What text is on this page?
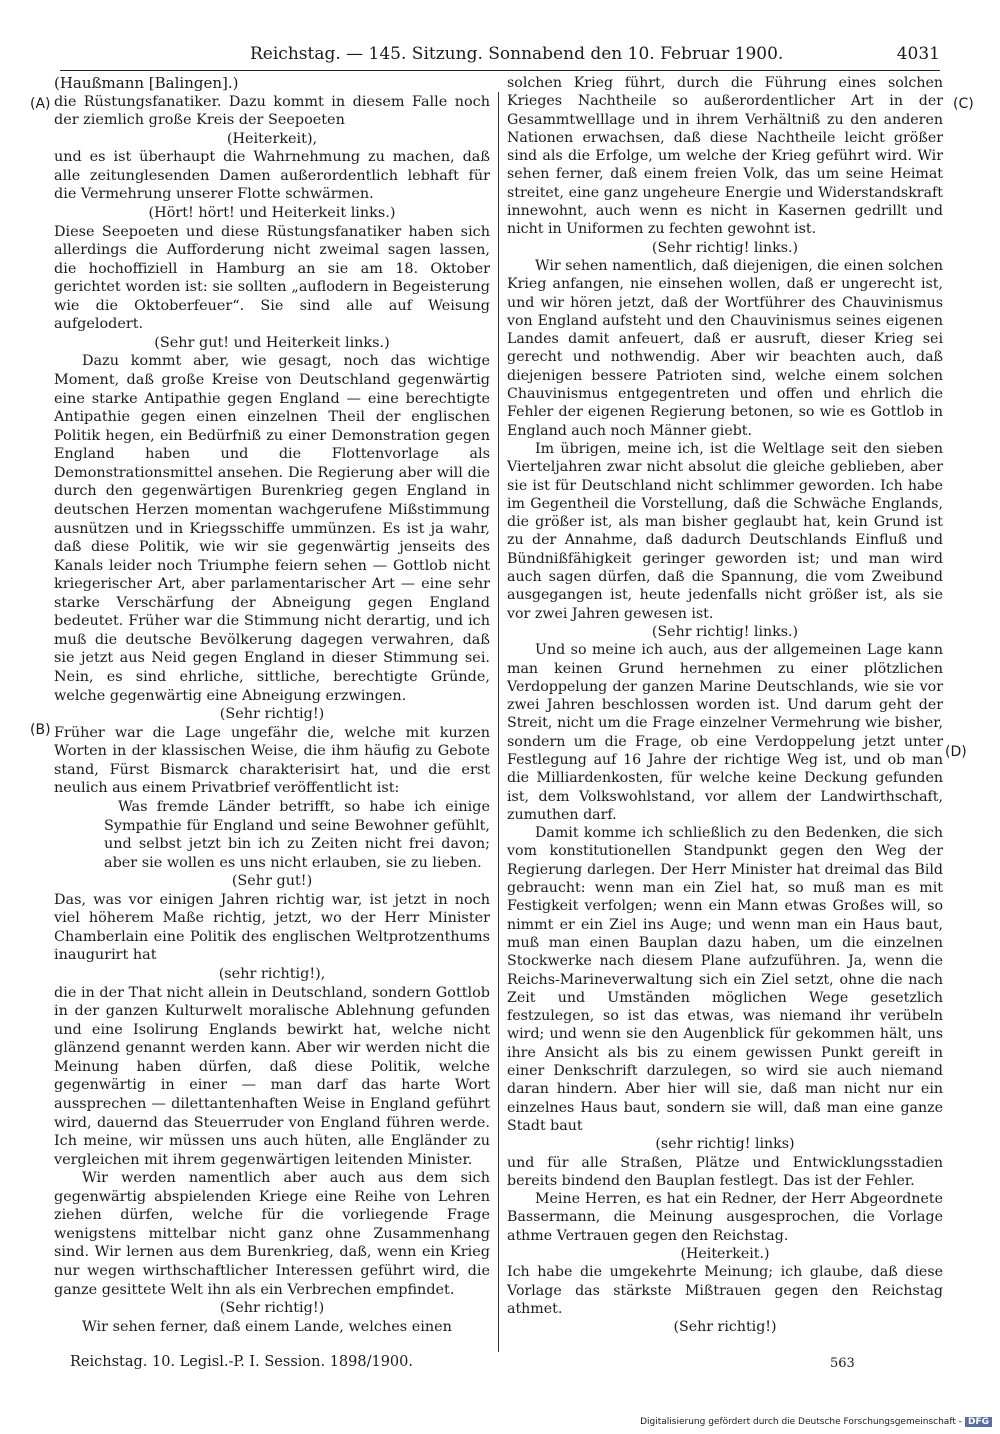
Reichstag. — 145. Sitzung. Sonnabend den 10. Februar 1900.	4031
(A)
(B)
(C)
(D)

(Haußmann [Balingen].)

die Rüstungsfanatiker. Dazu kommt in diesem Falle noch der ziemlich große Kreis der Seepoeten

(Heiterkeit),

und es ist überhaupt die Wahrnehmung zu machen, daß alle zeitunglesenden Damen außerordentlich lebhaft für die Vermehrung unserer Flotte schwärmen.

(Hört! hört! und Heiterkeit links.)

Diese Seepoeten und diese Rüstungsfanatiker haben sich allerdings die Aufforderung nicht zweimal sagen lassen, die hochoffiziell in Hamburg an sie am 18. Oktober gerichtet worden ist: sie sollten „auflodern in Begeisterung wie die Oktoberfeuer“. Sie sind alle auf Weisung aufgelodert.

(Sehr gut! und Heiterkeit links.)

Dazu kommt aber, wie gesagt, noch das wichtige Moment, daß große Kreise von Deutschland gegenwärtig eine starke Antipathie gegen England — eine berechtigte Antipathie gegen einen einzelnen Theil der englischen Politik hegen, ein Bedürfniß zu einer Demonstration gegen England haben und die Flottenvorlage als Demonstrationsmittel ansehen. Die Regierung aber will die durch den gegenwärtigen Burenkrieg gegen England in deutschen Herzen momentan wachgerufene Mißstimmung ausnützen und in Kriegsschiffe ummünzen. Es ist ja wahr, daß diese Politik, wie wir sie gegenwärtig jenseits des Kanals leider noch Triumphe feiern sehen — Gottlob nicht kriegerischer Art, aber parlamentarischer Art — eine sehr starke Verschärfung der Abneigung gegen England bedeutet. Früher war die Stimmung nicht derartig, und ich muß die deutsche Bevölkerung dagegen verwahren, daß sie jetzt aus Neid gegen England in dieser Stimmung sei. Nein, es sind ehrliche, sittliche, berechtigte Gründe, welche gegenwärtig eine Abneigung erzwingen.

(Sehr richtig!)

Früher war die Lage ungefähr die, welche mit kurzen Worten in der klassischen Weise, die ihm häufig zu Gebote stand, Fürst Bismarck charakterisirt hat, und die erst neulich aus einem Privatbrief veröffentlicht ist:

Was fremde Länder betrifft, so habe ich einige Sympathie für England und seine Bewohner gefühlt, und selbst jetzt bin ich zu Zeiten nicht frei davon; aber sie wollen es uns nicht erlauben, sie zu lieben.

(Sehr gut!)

Das, was vor einigen Jahren richtig war, ist jetzt in noch viel höherem Maße richtig, jetzt, wo der Herr Minister Chamberlain eine Politik des englischen Weltprotzenthums inaugurirt hat

(sehr richtig!),

die in der That nicht allein in Deutschland, sondern Gottlob in der ganzen Kulturwelt moralische Ablehnung gefunden und eine Isolirung Englands bewirkt hat, welche nicht glänzend genannt werden kann. Aber wir werden nicht die Meinung haben dürfen, daß diese Politik, welche gegenwärtig in einer — man darf das harte Wort aussprechen — dilettantenhaften Weise in England geführt wird, dauernd das Steuerruder von England führen werde. Ich meine, wir müssen uns auch hüten, alle Engländer zu vergleichen mit ihrem gegenwärtigen leitenden Minister.

Wir werden namentlich aber auch aus dem sich gegenwärtig abspielenden Kriege eine Reihe von Lehren ziehen dürfen, welche für die vorliegende Frage wenigstens mittelbar nicht ganz ohne Zusammenhang sind. Wir lernen aus dem Burenkrieg, daß, wenn ein Krieg nur wegen wirthschaftlicher Interessen geführt wird, die ganze gesittete Welt ihn als ein Verbrechen empfindet.

(Sehr richtig!)

Wir sehen ferner, daß einem Lande, welches einen

solchen Krieg führt, durch die Führung eines solchen Krieges Nachtheile so außerordentlicher Art in der Gesammtwelllage und in ihrem Verhältniß zu den anderen Nationen erwachsen, daß diese Nachtheile leicht größer sind als die Erfolge, um welche der Krieg geführt wird. Wir sehen ferner, daß einem freien Volk, das um seine Heimat streitet, eine ganz ungeheure Energie und Widerstandskraft innewohnt, auch wenn es nicht in Kasernen gedrillt und nicht in Uniformen zu fechten gewohnt ist.

(Sehr richtig! links.)

Wir sehen namentlich, daß diejenigen, die einen solchen Krieg anfangen, nie einsehen wollen, daß er ungerecht ist, und wir hören jetzt, daß der Wortführer des Chauvinismus von England aufsteht und den Chauvinismus seines eigenen Landes damit anfeuert, daß er ausruft, dieser Krieg sei gerecht und nothwendig. Aber wir beachten auch, daß diejenigen bessere Patrioten sind, welche einem solchen Chauvinismus entgegentreten und offen und ehrlich die Fehler der eigenen Regierung betonen, so wie es Gottlob in England auch noch Männer giebt.

Im übrigen, meine ich, ist die Weltlage seit den sieben Vierteljahren zwar nicht absolut die gleiche geblieben, aber sie ist für Deutschland nicht schlimmer geworden. Ich habe im Gegentheil die Vorstellung, daß die Schwäche Englands, die größer ist, als man bisher geglaubt hat, kein Grund ist zu der Annahme, daß dadurch Deutschlands Einfluß und Bündnißfähigkeit geringer geworden ist; und man wird auch sagen dürfen, daß die Spannung, die vom Zweibund ausgegangen ist, heute jedenfalls nicht größer ist, als sie vor zwei Jahren gewesen ist.

(Sehr richtig! links.)

Und so meine ich auch, aus der allgemeinen Lage kann man keinen Grund hernehmen zu einer plötzlichen Verdoppelung der ganzen Marine Deutschlands, wie sie vor zwei Jahren beschlossen worden ist. Und darum geht der Streit, nicht um die Frage einzelner Vermehrung wie bisher, sondern um die Frage, ob eine Verdoppelung jetzt unter Festlegung auf 16 Jahre der richtige Weg ist, und ob man die Milliardenkosten, für welche keine Deckung gefunden ist, dem Volkswohlstand, vor allem der Landwirthschaft, zumuthen darf.

Damit komme ich schließlich zu den Bedenken, die sich vom konstitutionellen Standpunkt gegen den Weg der Regierung darlegen. Der Herr Minister hat dreimal das Bild gebraucht: wenn man ein Ziel hat, so muß man es mit Festigkeit verfolgen; wenn ein Mann etwas Großes will, so nimmt er ein Ziel ins Auge; und wenn man ein Haus baut, muß man einen Bauplan dazu haben, um die einzelnen Stockwerke nach diesem Plane aufzuführen. Ja, wenn die Reichs-Marineverwaltung sich ein Ziel setzt, ohne die nach Zeit und Umständen möglichen Wege gesetzlich festzulegen, so ist das etwas, was niemand ihr verübeln wird; und wenn sie den Augenblick für gekommen hält, uns ihre Ansicht als bis zu einem gewissen Punkt gereift in einer Denkschrift darzulegen, so wird sie auch niemand daran hindern. Aber hier will sie, daß man nicht nur ein einzelnes Haus baut, sondern sie will, daß man eine ganze Stadt baut

(sehr richtig! links)

und für alle Straßen, Plätze und Entwicklungsstadien bereits bindend den Bauplan festlegt. Das ist der Fehler.

Meine Herren, es hat ein Redner, der Herr Abgeordnete Bassermann, die Meinung ausgesprochen, die Vorlage athme Vertrauen gegen den Reichstag.

(Heiterkeit.)

Ich habe die umgekehrte Meinung; ich glaube, daß diese Vorlage das stärkste Mißtrauen gegen den Reichstag athmet.

(Sehr richtig!)

Reichstag. 10. Legisl.-P. I. Session. 1898/1900.	563
Digitalisierung gefördert durch die Deutsche Forschungsgemeinschaft - DFG
